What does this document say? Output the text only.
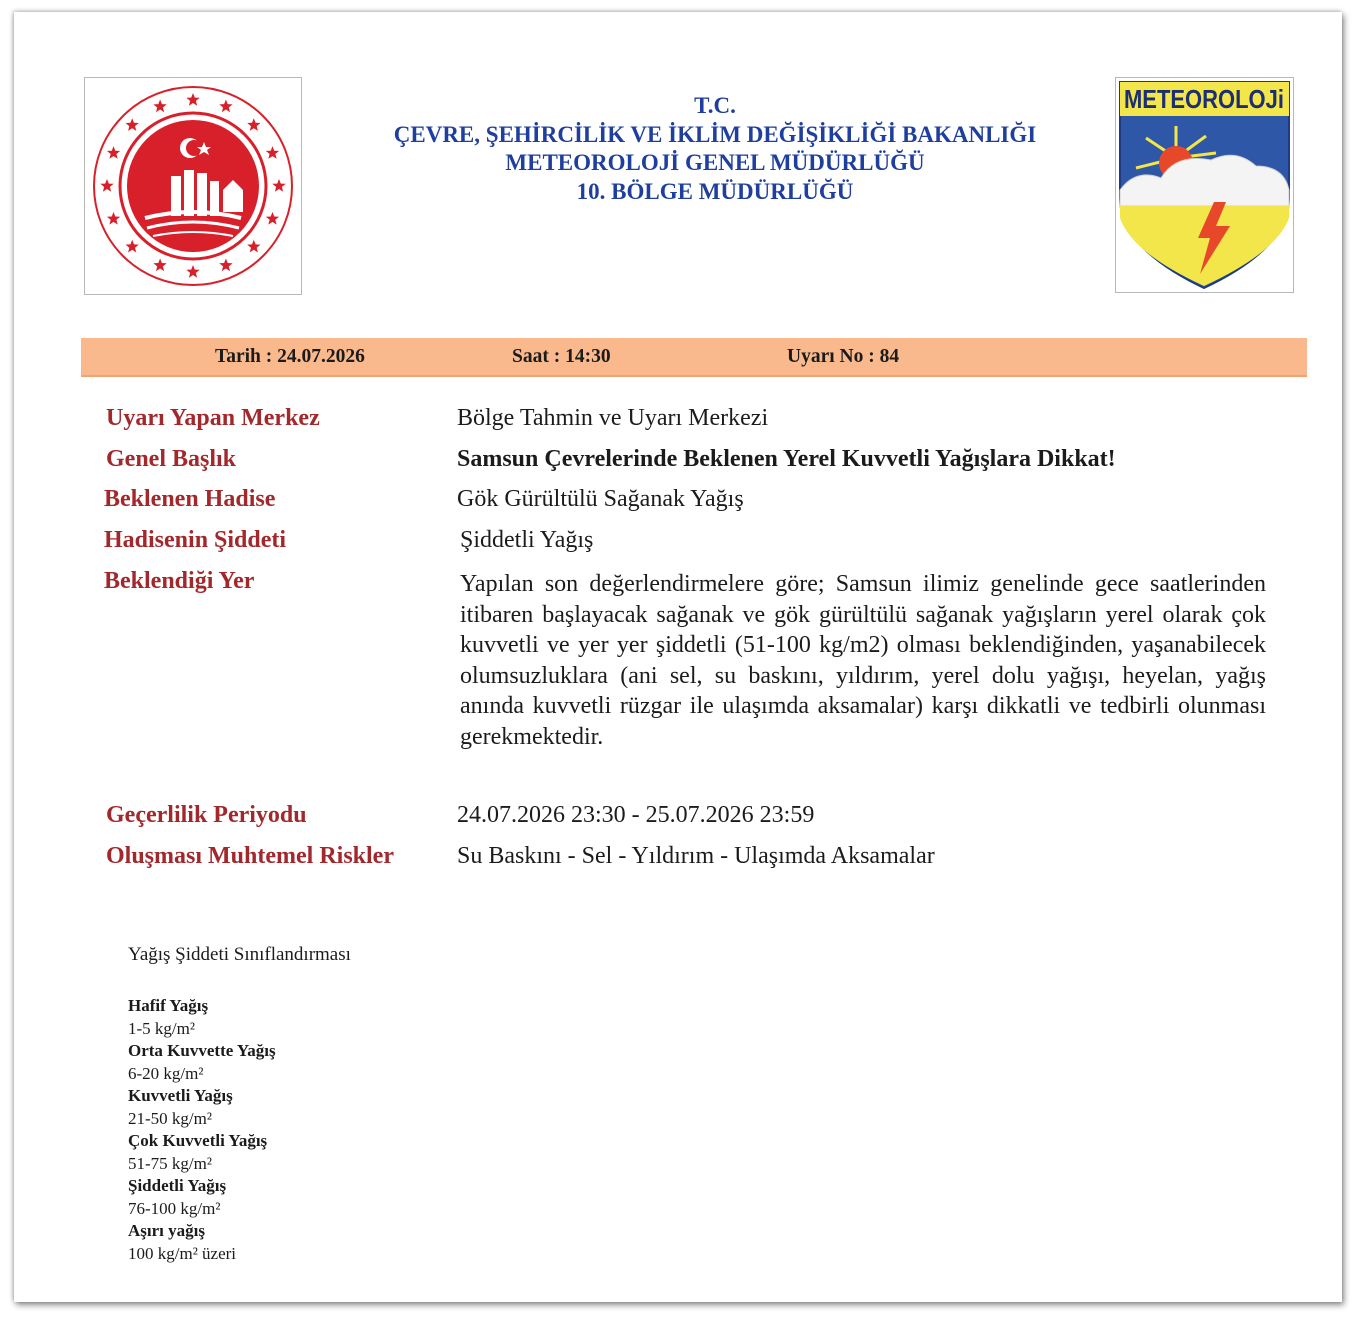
T.C.
ÇEVRE, ŞEHİRCİLİK VE İKLİM DEĞİŞİKLİĞİ BAKANLIĞI
METEOROLOJİ GENEL MÜDÜRLÜĞÜ
10. BÖLGE MÜDÜRLÜĞÜ
METEOROLOJi
Tarih : 24.07.2026	Saat : 14:30	Uyarı No : 84
Uyarı Yapan Merkez	Bölge Tahmin ve Uyarı Merkezi
Genel Başlık	Samsun Çevrelerinde Beklenen Yerel Kuvvetli Yağışlara Dikkat!
Beklenen Hadise	Gök Gürültülü Sağanak Yağış
Hadisenin Şiddeti	Şiddetli Yağış
Beklendiği Yer	Yapılan son değerlendirmelere göre; Samsun ilimiz genelinde gece saatlerinden itibaren başlayacak sağanak ve gök gürültülü sağanak yağışların yerel olarak çok kuvvetli ve yer yer şiddetli (51-100 kg/m2) olması beklendiğinden, yaşanabilecek olumsuzluklara (ani sel, su baskını, yıldırım, yerel dolu yağışı, heyelan, yağış anında kuvvetli rüzgar ile ulaşımda aksamalar) karşı dikkatli ve tedbirli olunması gerekmektedir.
Geçerlilik Periyodu	24.07.2026 23:30 - 25.07.2026 23:59
Oluşması Muhtemel Riskler	Su Baskını - Sel - Yıldırım - Ulaşımda Aksamalar
Yağış Şiddeti Sınıflandırması
Hafif Yağış
1-5 kg/m²
Orta Kuvvette Yağış
6-20 kg/m²
Kuvvetli Yağış
21-50 kg/m²
Çok Kuvvetli Yağış
51-75 kg/m²
Şiddetli Yağış
76-100 kg/m²
Aşırı yağış
100 kg/m² üzeri
